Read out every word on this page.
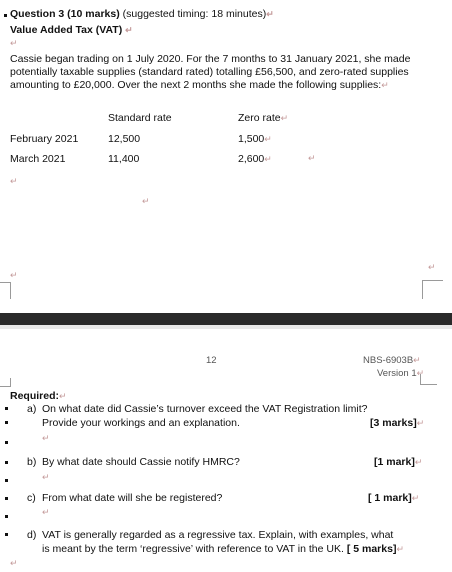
Question 3 (10 marks) (suggested timing: 18 minutes)↵
Value Added Tax (VAT) ↵
↵
Cassie began trading on 1 July 2020. For the 7 months to 31 January 2021, she made potentially taxable supplies (standard rated) totalling £56,500, and zero-rated supplies amounting to £20,000. Over the next 2 months she made the following supplies:↵
Standard rate	Zero rate↵
February 2021	12,500	1,500↵
March 2021	11,400	2,600↵	↵
↵
↵
↵
↵
12	NBS-6903B↵
Version 1↵
Required:↵
a) On what date did Cassie’s turnover exceed the VAT Registration limit?
Provide your workings and an explanation.	[3 marks]↵
↵
b) By what date should Cassie notify HMRC?	[1 mark]↵
↵
c) From what date will she be registered?	[ 1 mark]↵
↵
d) VAT is generally regarded as a regressive tax. Explain, with examples, what
is meant by the term ‘regressive’ with reference to VAT in the UK. [ 5 marks]↵
↵
